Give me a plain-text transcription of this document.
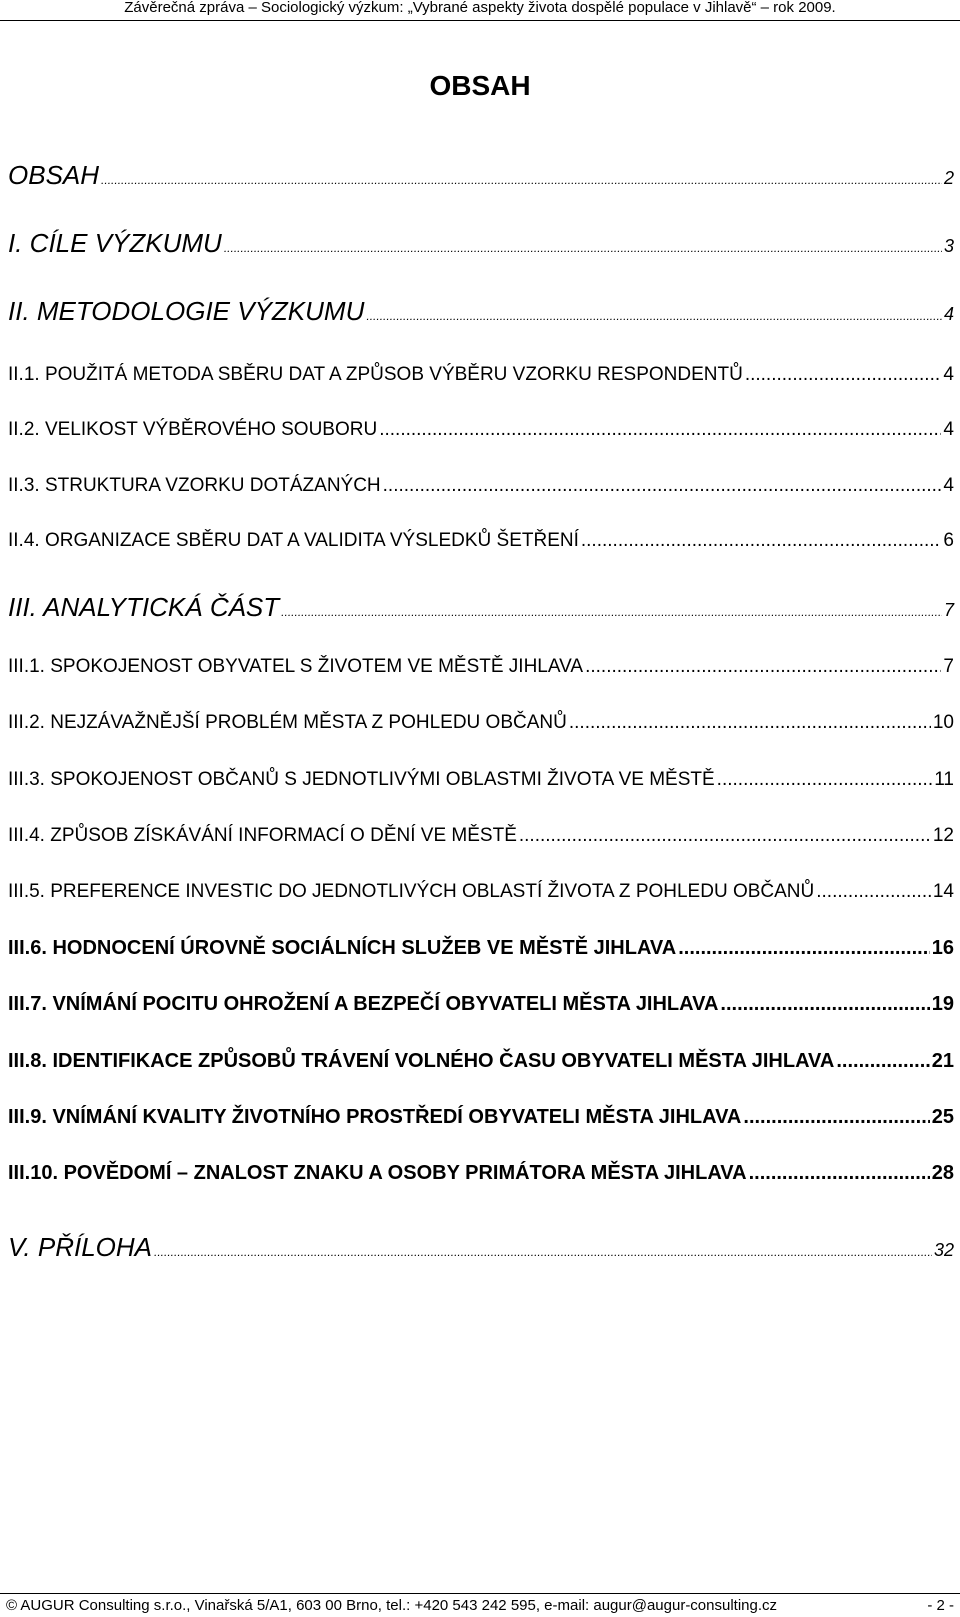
Závěrečná zpráva – Sociologický výzkum: „Vybrané aspekty života dospělé populace v Jihlavě“ – rok 2009.
OBSAH
OBSAH .....	2
I. CÍLE VÝZKUMU .....	3
II. METODOLOGIE VÝZKUMU .....	4
II.1. POUŽITÁ METODA SBĚRU DAT A ZPŮSOB VÝBĚRU VZORKU RESPONDENTŮ .....	4
II.2. VELIKOST VÝBĚROVÉHO SOUBORU .....	4
II.3. STRUKTURA VZORKU DOTÁZANÝCH .....	4
II.4. ORGANIZACE SBĚRU DAT A VALIDITA VÝSLEDKŮ ŠETŘENÍ .....	6
III. ANALYTICKÁ ČÁST .....	7
III.1. SPOKOJENOST OBYVATEL S ŽIVOTEM VE MĚSTĚ JIHLAVA .....	7
III.2. NEJZÁVAŽNĚJŠÍ PROBLÉM MĚSTA Z POHLEDU OBČANŮ .....	10
III.3. SPOKOJENOST OBČANŮ S JEDNOTLIVÝMI OBLASTMI ŽIVOTA VE MĚSTĚ .....	11
III.4. ZPŮSOB ZÍSKÁVÁNÍ INFORMACÍ O DĚNÍ VE MĚSTĚ .....	12
III.5. PREFERENCE INVESTIC DO JEDNOTLIVÝCH OBLASTÍ ŽIVOTA Z POHLEDU OBČANŮ .....	14
III.6. HODNOCENÍ ÚROVNĚ SOCIÁLNÍCH SLUŽEB VE MĚSTĚ JIHLAVA .....	16
III.7. VNÍMÁNÍ POCITU OHROŽENÍ A BEZPEČÍ OBYVATELI MĚSTA JIHLAVA .....	19
III.8. IDENTIFIKACE ZPŮSOBŮ TRÁVENÍ VOLNÉHO ČASU OBYVATELI MĚSTA JIHLAVA .....	21
III.9. VNÍMÁNÍ KVALITY ŽIVOTNÍHO PROSTŘEDÍ OBYVATELI MĚSTA JIHLAVA .....	25
III.10. POVĚDOMÍ – ZNALOST ZNAKU A OSOBY PRIMÁTORA MĚSTA JIHLAVA .....	28
V. PŘÍLOHA .....	32
© AUGUR Consulting s.r.o., Vinařská 5/A1, 603 00 Brno, tel.: +420 543 242 595, e-mail: augur@augur-consulting.cz	- 2 -
